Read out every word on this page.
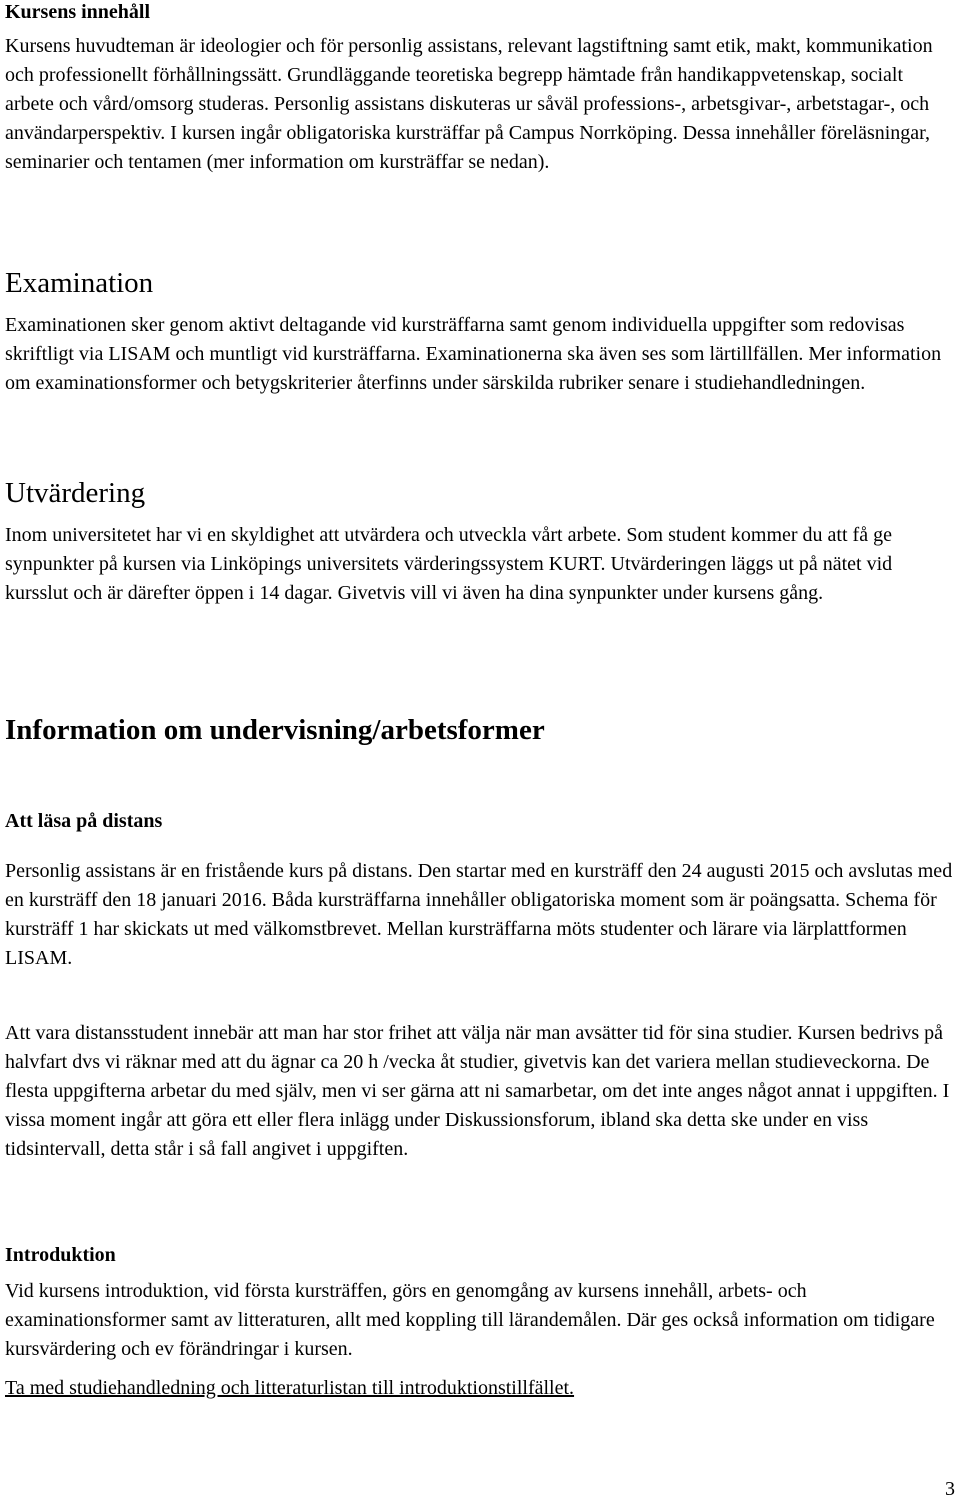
Kursens innehåll

Kursens huvudteman är ideologier och för personlig assistans, relevant lagstiftning samt etik, makt, kommunikation och professionellt förhållningssätt. Grundläggande teoretiska begrepp hämtade från handikappvetenskap, socialt arbete och vård/omsorg studeras. Personlig assistans diskuteras ur såväl professions-, arbetsgivar-, arbetstagar-, och användarperspektiv. I kursen ingår obligatoriska kursträffar på Campus Norrköping. Dessa innehåller föreläsningar, seminarier och tentamen (mer information om kursträffar se nedan).

Examination

Examinationen sker genom aktivt deltagande vid kursträffarna samt genom individuella uppgifter som redovisas skriftligt via LISAM och muntligt vid kursträffarna. Examinationerna ska även ses som lärtillfällen. Mer information om examinationsformer och betygskriterier återfinns under särskilda rubriker senare i studiehandledningen.

Utvärdering

Inom universitetet har vi en skyldighet att utvärdera och utveckla vårt arbete. Som student kommer du att få ge synpunkter på kursen via Linköpings universitets värderingssystem KURT. Utvärderingen läggs ut på nätet vid kursslut och är därefter öppen i 14 dagar. Givetvis vill vi även ha dina synpunkter under kursens gång.

Information om undervisning/arbetsformer
Att läsa på distans

Personlig assistans är en fristående kurs på distans. Den startar med en kursträff den 24 augusti 2015 och avslutas med en kursträff den 18 januari 2016. Båda kursträffarna innehåller obligatoriska moment som är poängsatta. Schema för kursträff 1 har skickats ut med välkomstbrevet. Mellan kursträffarna möts studenter och lärare via lärplattformen LISAM.

Att vara distansstudent innebär att man har stor frihet att välja när man avsätter tid för sina studier. Kursen bedrivs på halvfart dvs vi räknar med att du ägnar ca 20 h /vecka åt studier, givetvis kan det variera mellan studieveckorna. De flesta uppgifterna arbetar du med själv, men vi ser gärna att ni samarbetar, om det inte anges något annat i uppgiften. I vissa moment ingår att göra ett eller flera inlägg under Diskussionsforum, ibland ska detta ske under en viss tidsintervall, detta står i så fall angivet i uppgiften.

Introduktion

Vid kursens introduktion, vid första kursträffen, görs en genomgång av kursens innehåll, arbets- och examinationsformer samt av litteraturen, allt med koppling till lärandemålen. Där ges också information om tidigare kursvärdering och ev förändringar i kursen.

Ta med studiehandledning och litteraturlistan till introduktionstillfället.
3
